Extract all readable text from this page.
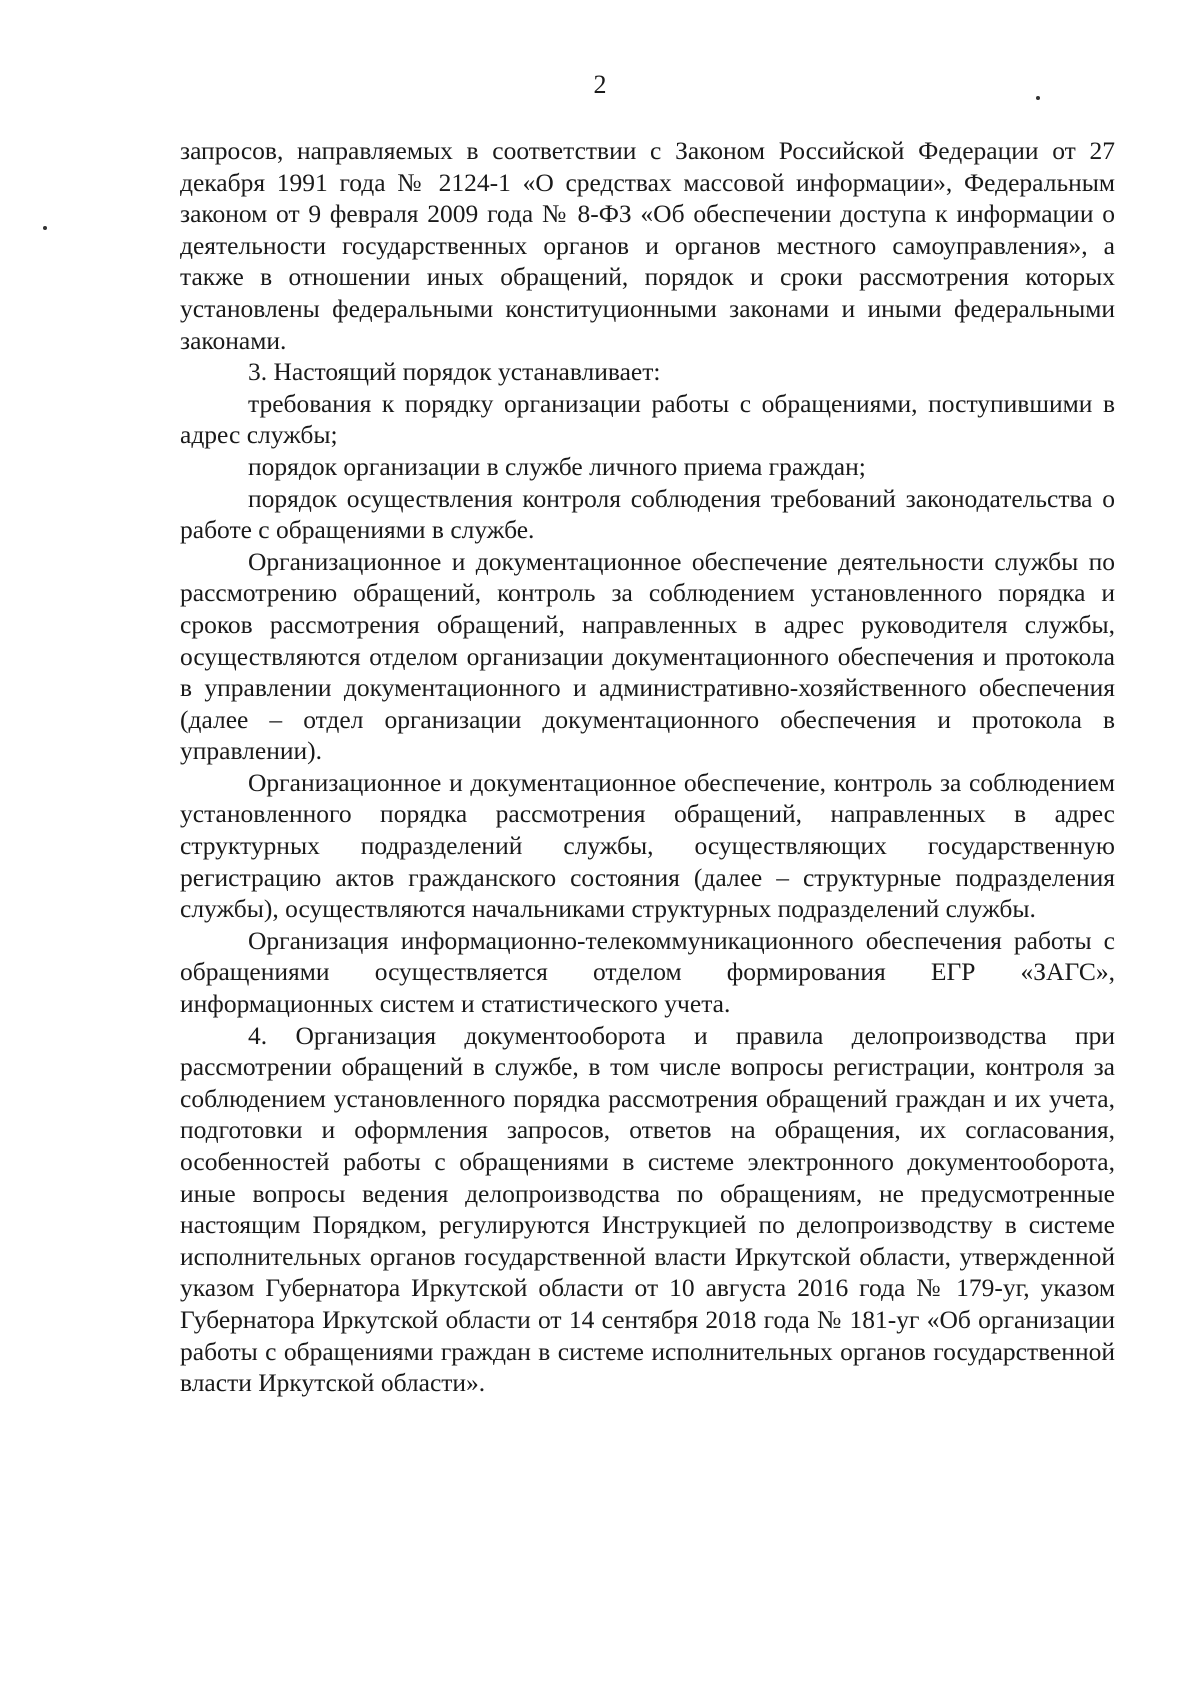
2

запросов, направляемых в соответствии с Законом Российской Федерации от 27 декабря 1991 года № 2124-1 «О средствах массовой информации», Федеральным законом от 9 февраля 2009 года № 8-ФЗ «Об обеспечении доступа к информации о деятельности государственных органов и органов местного самоуправления», а также в отношении иных обращений, порядок и сроки рассмотрения которых установлены федеральными конституционными законами и иными федеральными законами.

3. Настоящий порядок устанавливает:

требования к порядку организации работы с обращениями, поступившими в адрес службы;

порядок организации в службе личного приема граждан;

порядок осуществления контроля соблюдения требований законодательства о работе с обращениями в службе.

Организационное и документационное обеспечение деятельности службы по рассмотрению обращений, контроль за соблюдением установленного порядка и сроков рассмотрения обращений, направленных в адрес руководителя службы, осуществляются отделом организации документационного обеспечения и протокола в управлении документационного и административно-хозяйственного обеспечения (далее – отдел организации документационного обеспечения и протокола в управлении).

Организационное и документационное обеспечение, контроль за соблюдением установленного порядка рассмотрения обращений, направленных в адрес структурных подразделений службы, осуществляющих государственную регистрацию актов гражданского состояния (далее – структурные подразделения службы), осуществляются начальниками структурных подразделений службы.

Организация информационно-телекоммуникационного обеспечения работы с обращениями осуществляется отделом формирования ЕГР «ЗАГС», информационных систем и статистического учета.

4. Организация документооборота и правила делопроизводства при рассмотрении обращений в службе, в том числе вопросы регистрации, контроля за соблюдением установленного порядка рассмотрения обращений граждан и их учета, подготовки и оформления запросов, ответов на обращения, их согласования, особенностей работы с обращениями в системе электронного документооборота, иные вопросы ведения делопроизводства по обращениям, не предусмотренные настоящим Порядком, регулируются Инструкцией по делопроизводству в системе исполнительных органов государственной власти Иркутской области, утвержденной указом Губернатора Иркутской области от 10 августа 2016 года № 179-уг, указом Губернатора Иркутской области от 14 сентября 2018 года № 181-уг «Об организации работы с обращениями граждан в системе исполнительных органов государственной власти Иркутской области».
